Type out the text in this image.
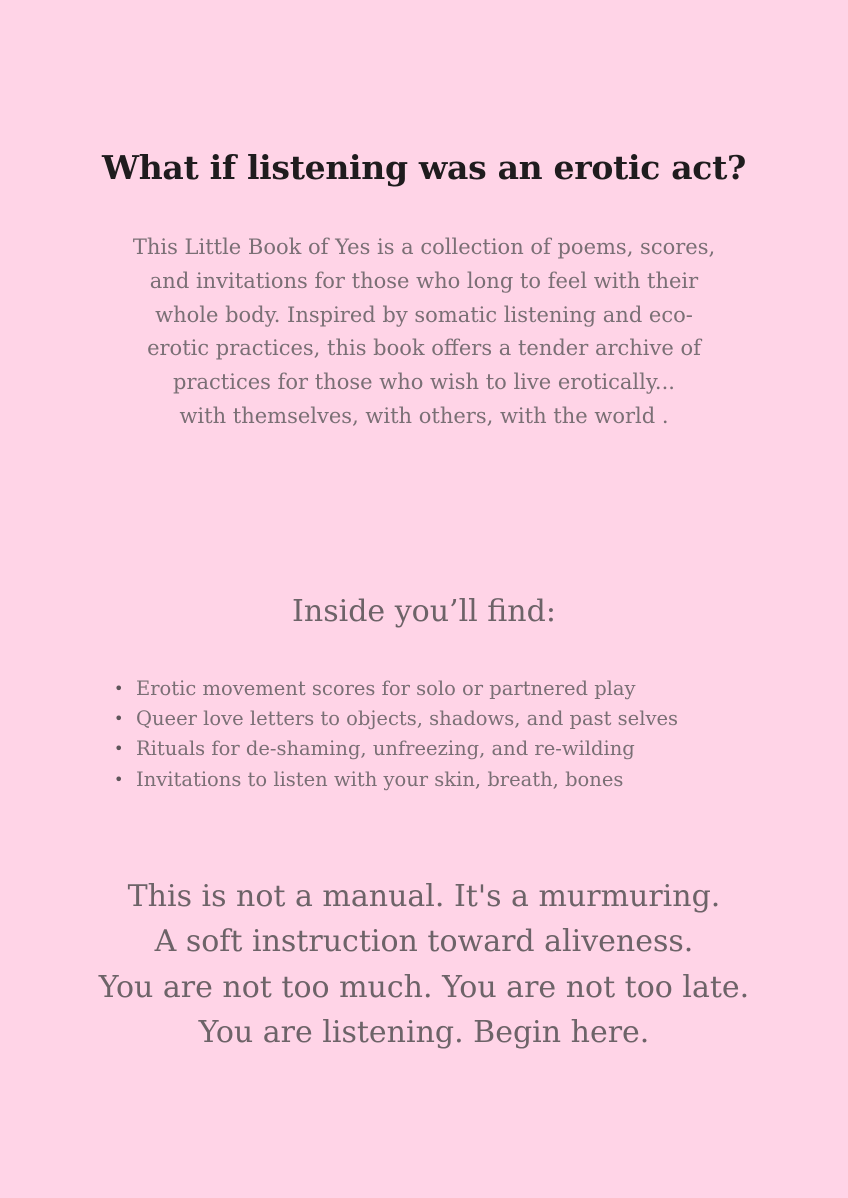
What if listening was an erotic act?
This Little Book of Yes is a collection of poems, scores,
and invitations for those who long to feel with their
whole body. Inspired by somatic listening and eco-
erotic practices, this book offers a tender archive of
practices for those who wish to live erotically...
with themselves, with others, with the world .
Inside you’ll find:
• Erotic movement scores for solo or partnered play
• Queer love letters to objects, shadows, and past selves
• Rituals for de-shaming, unfreezing, and re-wilding
• Invitations to listen with your skin, breath, bones
This is not a manual. It's a murmuring.
A soft instruction toward aliveness.
You are not too much. You are not too late.
You are listening. Begin here.
